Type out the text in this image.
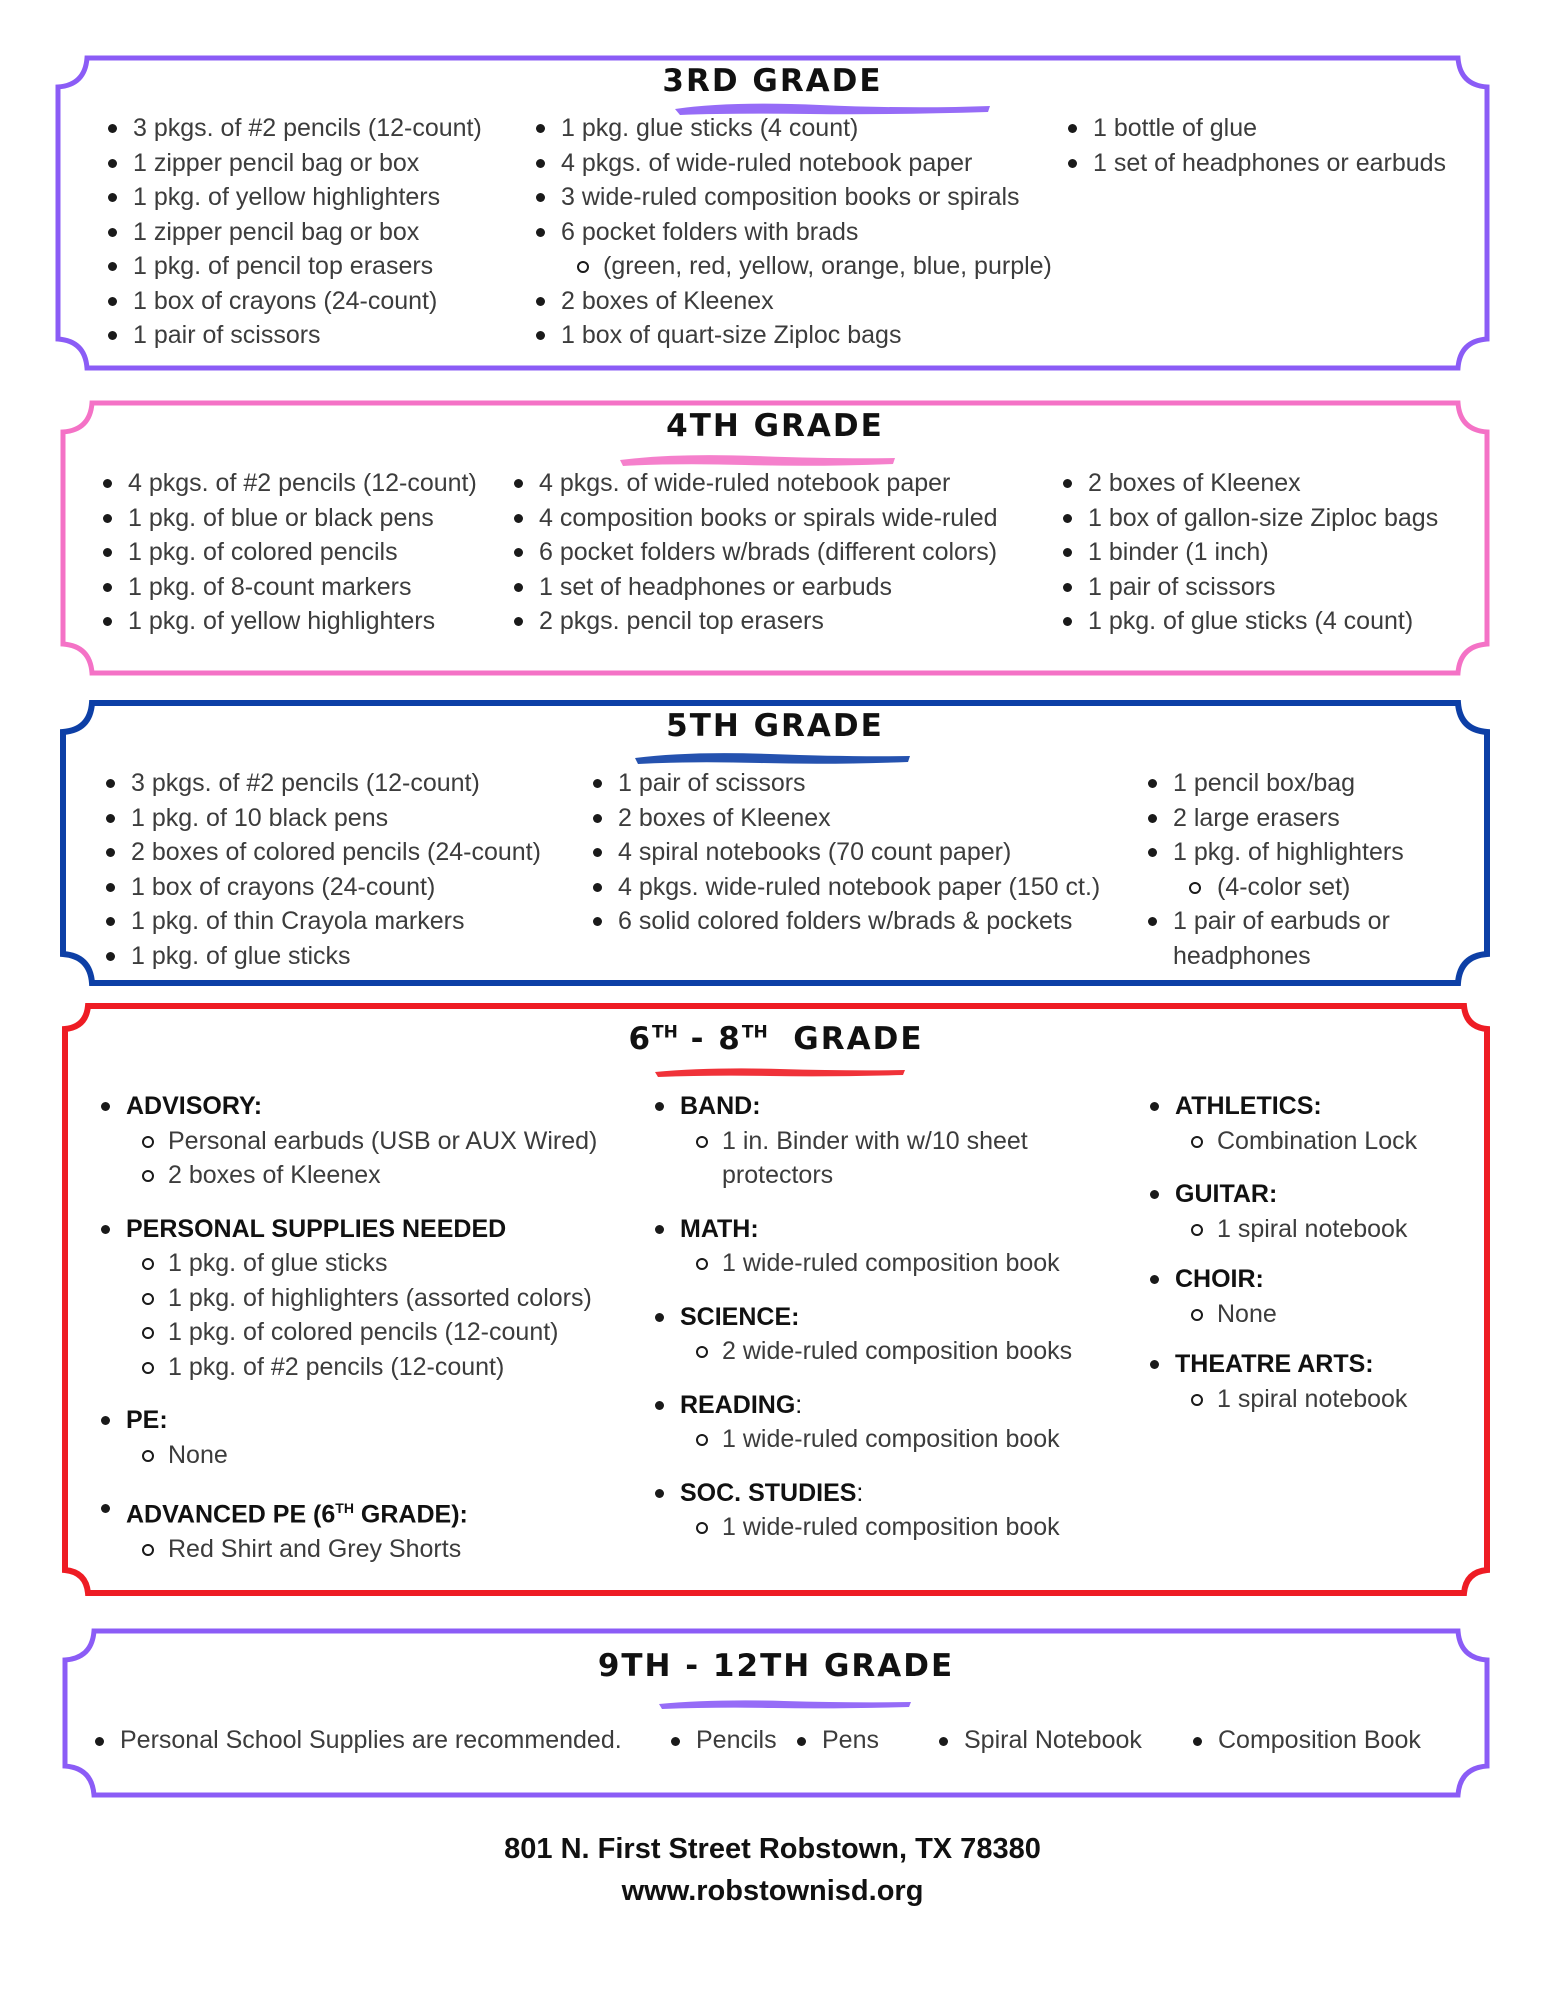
3RD GRADE
3 pkgs. of #2 pencils (12-count)
1 zipper pencil bag or box
1 pkg. of yellow highlighters
1 zipper pencil bag or box
1 pkg. of pencil top erasers
1 box of crayons (24-count)
1 pair of scissors
1 pkg. glue sticks (4 count)
4 pkgs. of wide-ruled notebook paper
3 wide-ruled composition books or spirals
6 pocket folders with brads
(green, red, yellow, orange, blue, purple)
2 boxes of Kleenex
1 box of quart-size Ziploc bags
1 bottle of glue
1 set of headphones or earbuds
4TH GRADE
4 pkgs. of #2 pencils (12-count)
1 pkg. of blue or black pens
1 pkg. of colored pencils
1 pkg. of 8-count markers
1 pkg. of yellow highlighters
4 pkgs. of wide-ruled notebook paper
4 composition books or spirals wide-ruled
6 pocket folders w/brads (different colors)
1 set of headphones or earbuds
2 pkgs. pencil top erasers
2 boxes of Kleenex
1 box of gallon-size Ziploc bags
1 binder (1 inch)
1 pair of scissors
1 pkg. of glue sticks (4 count)
5TH GRADE
3 pkgs. of #2 pencils (12-count)
1 pkg. of 10 black pens
2 boxes of colored pencils (24-count)
1 box of crayons (24-count)
1 pkg. of thin Crayola markers
1 pkg. of glue sticks
1 pair of scissors
2 boxes of Kleenex
4 spiral notebooks (70 count paper)
4 pkgs. wide-ruled notebook paper (150 ct.)
6 solid colored folders w/brads & pockets
1 pencil box/bag
2 large erasers
1 pkg. of highlighters
(4-color set)
1 pair of earbuds or
headphones
6TH - 8TH  GRADE
ADVISORY:
Personal earbuds (USB or AUX Wired)
2 boxes of Kleenex
PERSONAL SUPPLIES NEEDED
1 pkg. of glue sticks
1 pkg. of highlighters (assorted colors)
1 pkg. of colored pencils (12-count)
1 pkg. of #2 pencils (12-count)
PE:
None
ADVANCED PE (6TH GRADE):
Red Shirt and Grey Shorts
BAND:
1 in. Binder with w/10 sheet
protectors
MATH:
1 wide-ruled composition book
SCIENCE:
2 wide-ruled composition books
READING:
1 wide-ruled composition book
SOC. STUDIES:
1 wide-ruled composition book
ATHLETICS:
Combination Lock
GUITAR:
1 spiral notebook
CHOIR:
None
THEATRE ARTS:
1 spiral notebook
9TH - 12TH GRADE
Personal School Supplies are recommended.	Pencils	Pens	Spiral Notebook	Composition Book
801 N. First Street Robstown, TX 78380
www.robstownisd.org
